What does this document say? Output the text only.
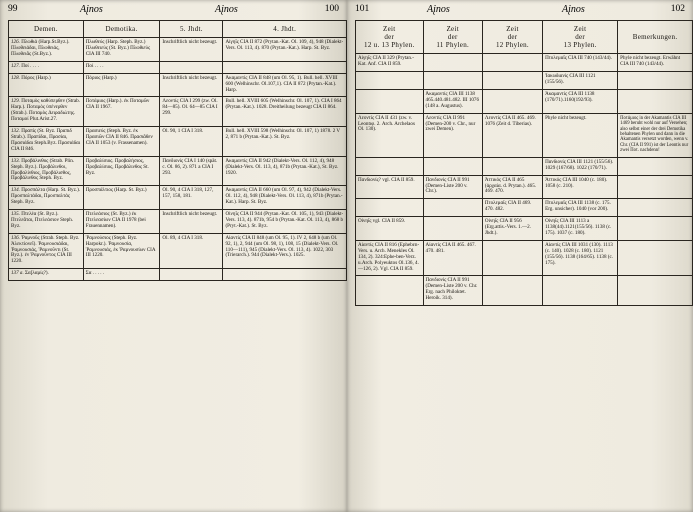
99	Aįnos	Aįnos	100
Demen.	Demotika.	5. Jhdt.	4. Jhdt.
126. Πλωθιά (Harp.St.Byz.). Πλωθειάδαι, Πλωθειάς, Πλωθειᾶς (St.Byz.).	Πλωθεύς (Harp. Steph. Byz.) Πλωθειεύς (St. Byz.) Πλωθιεύς CIA III 740.	Inschriftlich nicht bezeugt.	Αἰγηΐς CIA II 872 (Prytan.-Kat. Ol. 109, 4), 948 (Dialekt-Vers. Ol. 113, 4). 870 (Prytan.-Kat.). Harp. St. Byz.
127. Ποί . . . .	Ποί . . . .		
128. Πόρος (Harp.)	Πόριος (Harp.)	Inschriftlich nicht bezeugt.	Ἀκαμαντίς CIA II 848 (um Ol. 95, 1). Bull. hell. XVIII 600 (Welhinschr. Ol.107,1). CIA II 872 (Prytan.-Kat.). Harp.
129. Ποταμὸς καθύπερθεν (Strab. Harp.). Ποταμὸς ὑπένερθεν (Strab.). Ποταμὸς Δειραδιώτης. Ποταμοί Plut.Arist.27.	Ποτάμιος (Harp.). ἐκ Ποταμῶν CIA II 1967.	Λεοντίς CIA I 299 (zw. Ol. 84—85). Ol. 64—85 CIA I 299.	Bull. hell. XVIII 605 (Welhinschr. Ol. 107, 1). CIA I 864 (Prytan.-Kat.). 1028. Dreitheilung bezeugt CIA II 864.
132. Πραπίς (St. Byz. Πραπιδ Strab.). Πραπίδαι, Πρασίαι, Πρασιάδαι Steph.Byz. Πρασιάδαι CIA II 846.	Πρασιεύς (Steph. Byz. ἐκ Πρασιῶν CIA II 846. Πρασιᾶθεν CIA II 1053 (v. Frassenamen).	Ol. 90, 1 CIA I 318.	Bull. hell. XVIII 598 (Welhinschr. Ol. 107, 1) 1878. 2 V 2, 871 b (Prytan.-Kat.). St. Byz.
133. Προβάλινθος (Strab. Plin. Steph. Byz.). Προβάλινθοι, Προβαλίνθιος, Προβάλισθος, Προβάλινθος Steph. Byz.	Προβαλίσιος. Προβαλήσιος, Προβαλίσιος, Προβάλινθος St. Byz.	Πανδιονίς CIA I 140 (spät. c. Ol. 86, 2). 871 a CIA I 293.	Ἀκαμαντίς CIA II 942 (Dialekt-Vers. Ol. 112, 4), 948 (Dialekt-Vers. Ol. 113, 4), 871b (Prytan.-Kat.), St. Byz. 1920.
134. Προσπάλτα (Harp. St. Byz.). Προσπαλτάδαι, Προσπαλτάς Steph. Byz.	Προσπάλτιος (Harp. St. Byz.)	Ol. 90, 4 CIA I 318, 127, 157, 158, 181.	Ἀκαμαντίς CIA II 660 (um Ol. 97, 4), 942 (Dialekt-Vers. Ol. 112, 4), 948 (Dialekt-Vers. Ol. 113, 4), 871b (Prytan.-Kat.). Harp. St. Byz.
135. Πτελέα (St. Byz.). Πτελεᾶται, Πτελεάσιον Steph. Byz.	Πτελεάσιος (St. Byz.) ἐκ Πτελεασίων CIA II 1978 (bei Frauennamen).	Inschriftlich nicht bezeugt.	Οἰνηΐς CIA II 944 (Prytan.-Kat. Ol. 105, 1), 943 (Dialekt-Vers. 113, 4). 871b, 954 b (Prytan.-Kat. Ol. 113, 4), 868 b (Pryt.-Kat.). St. Byz.
136. Ῥαμνοῦς (Strab. Steph. Byz. Ἀλεκτίονεῖ). Ῥαμνουσιάδαι, Ῥαμνουσιάς, Ῥαμνοῦντι (St. Byz.). ἐν Ῥαμνοῦντος CIA III 1220.	Ῥαμνούσιος (Steph. Byz. Harpokr.). Ῥαμνουσία, Ῥαμνουσιάς, ἐκ Ῥαμνουσίων CIA III 1220.	Ol. 89, 4 CIA I 318.	Αἰαντίς CIA II 848 (um Ol. 95, 1). IV 2, 648 b (um Ol. 92, 1), 2, 944 (um Ol. 98, 1), 108, 15 (Dialekt-Vers. Ol. 110—111), 945 (Dialekt-Vers. Ol. 113, 4). 1022, 303 (Trierarch.). 944 (Dialekt-Vers.). 1025.
137 a. Σα[λαμίς?).	Σα . . . . .		
101	Aįnos	Aįnos	102
Zeit
der
12 u. 13 Phylen.	Zeit
der
11 Phylen.	Zeit
der
12 Phylen.	Zeit
der
13 Phylen.	Bemerkungen.
Αἰγηΐς CIA II 329 (Prytan.-Kat. Anf. CIA II 859.			Πτολεμαΐς CIA III 740 (143/44).	Phyle nicht bezeugt. Erwähnt CIA III 740 (143/44).
			Ἰακωδιανίς CIA III 1121 (155/56).	
	Ἀκαμαντίς CIA III 1138 465.440.481.482. III 1076 (148 a. Augustus).		Ἀκαμαντίς CIA III 1138 (170/71).1160(192/93).	
Λεοντίς CIA II 431 (zw. v. Leontιφ. 2. Arch. Archelaos Ol. 130).	Λεοντίς CIA II 991 (Demen-200 v. Chr., nur zwei Demen).	Λεοντίς CIA II 465. 469. 1076 (Zeit d. Tiberias).	Phyle nicht bezeugt.	Πoτάμιος in der Akamantis CIA III 1469 beruht wohl nur auf Versehen; also selbst einer der drei Demotika behaltenen Phylen und dann in die Akamantis versetzt worden, wenn v. Chr. (CIA II 991) ist der Leontis nur zwei Πoτ. nachdenn!
			Πανδιονίς CIA III 1121 (155/56). 1029 (167/68). 1022 (170/71).	
Πανδιονίς? vgl. CIA II 859.	Πανδιονίς CIA II 991 (Demen-Liste 200 v. Chr.).	Ἀττικός CIA II 465 (ἀρχαία. d. Prytan.). 465. 469. 470.	Ἀττικός CIA III 1040 (c. 180). 1058 (c. 210).	
		Πτολεμαΐς CIA II 469. 470. 482.	Πτολεμαΐς CIA III 1138 (c. 175. Erg. unsicher). 1040 (vor 200).	
Οἰνηΐς vgl. CIA II 859.		Οἰνηΐς CIA II 956 (Erg.attis.-Vers. 1.—2. Jhdt.).	Οἰνηΐς CIA III 1113 a 1138(44).1121(155/56). 1138 (c. 175). 1037 (c. 180).	
Αἰαντίς CIA II 816 (Ephebεn-Vers. u. Arch. Menekles Ol. 134, 2). 324:Ephe-ben-Verz. u.Arch. Polyeuktos Ol.136, 4.—126, 2). Vgl. CIA II 859.	Αἰαντίς CIA II 465. 467. 470. 481.		Αἰαντίς CIA III 1031 (130). 1113 (c. 140). 1028 (c. 180). 1121 (155/56). 1138 (164/65). 1138 (c. 175).	
	Πανδιονίς CIA II 991 (Demen-Liste 200 v. Chr. Erg. nach Philoktet. Heroik. 314).			
